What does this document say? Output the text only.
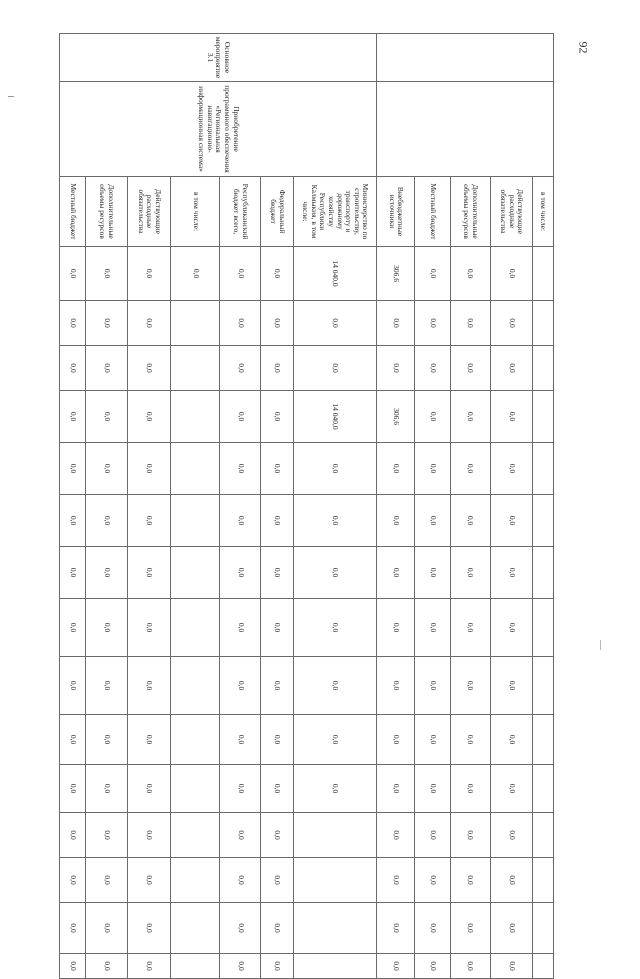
92
		в том числе:																
		Действующие расходные обязательства	0,0	0,0	0,0	0,0	0,0	0,0	0,0	0,0	0,0	0,0	0,0	0,0	0,0	0,0	0,0	
		Дополнительные объемы ресурсов	0,0	0,0	0,0	0,0	0,0	0,0	0,0	0,0	0,0	0,0	0,0	0,0	0,0	0,0	0,0	
		Местный бюджет	0,0	0,0	0,0	0,0	0,0	0,0	0,0	0,0	0,0	0,0	0,0	0,0	0,0	0,0	0,0	
		Внебюджетные источники	306,6	0,0	0,0	306,6	0,0	0,0	0,0	0,0	0,0	0,0	0,0	0,0	0,0	0,0	0,0	
Основное мероприятие 3.1	Приобретение программного обеспечения «Региональная навигационно-информационная система»	Министерство по строительству, транспорту и дорожному хозяйству Республики Калмыкия, в том числе:	14 040,0	0,0	0,0	14 040,0	0,0	0,0	0,0	0,0	0,0	0,0	0,0					
		Федеральный бюджет	0,0	0,0	0,0	0,0	0,0	0,0	0,0	0,0	0,0	0,0	0,0	0,0	0,0	0,0	0,0	
		Республиканский бюджет всего,	0,0	0,0	0,0	0,0	0,0	0,0	0,0	0,0	0,0	0,0	0,0	0,0	0,0	0,0	0,0	
		в том числе:	0,0															
		Действующие расходные обязательства	0,0	0,0	0,0	0,0	0,0	0,0	0,0	0,0	0,0	0,0	0,0	0,0	0,0	0,0	0,0	
		Дополнительные объемы ресурсов	0,0	0,0	0,0	0,0	0,0	0,0	0,0	0,0	0,0	0,0	0,0	0,0	0,0	0,0	0,0	
		Местный бюджет	0,0	0,0	0,0	0,0	0,0	0,0	0,0	0,0	0,0	0,0	0,0	0,0	0,0	0,0	0,0	
